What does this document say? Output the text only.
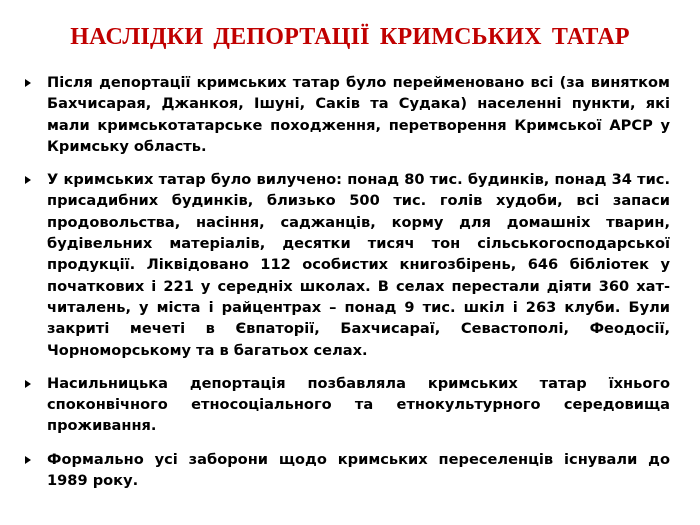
НАСЛІДКИ ДЕПОРТАЦІЇ КРИМСЬКИХ ТАТАР
Після депортації кримських татар було перейменовано всі (за винятком Бахчисарая, Джанкоя, Ішуні, Саків та Судака) населенні пункти, які мали кримськотатарське походження, перетворення Кримської АРСР у Кримську область.
У кримських татар було вилучено: понад 80 тис. будинків, понад 34 тис. присадибних будинків, близько 500 тис. голів худоби, всі запаси продовольства, насіння, саджанців, корму для домашніх тварин, будівельних матеріалів, десятки тисяч тон сільськогосподарської продукції. Ліквідовано 112 особистих книгозбірень, 646 бібліотек у початкових і 221 у середніх школах. В селах перестали діяти 360 хат-читалень, у міста і райцентрах – понад 9 тис. шкіл і 263 клуби. Були закриті мечеті в Євпаторії, Бахчисараї, Севастополі, Феодосії, Чорноморському та в багатьох селах.
Насильницька депортація позбавляла кримських татар їхнього споконвічного етносоціального та етнокультурного середовища проживання.
Формально усі заборони щодо кримських переселенців існували до 1989 року.
